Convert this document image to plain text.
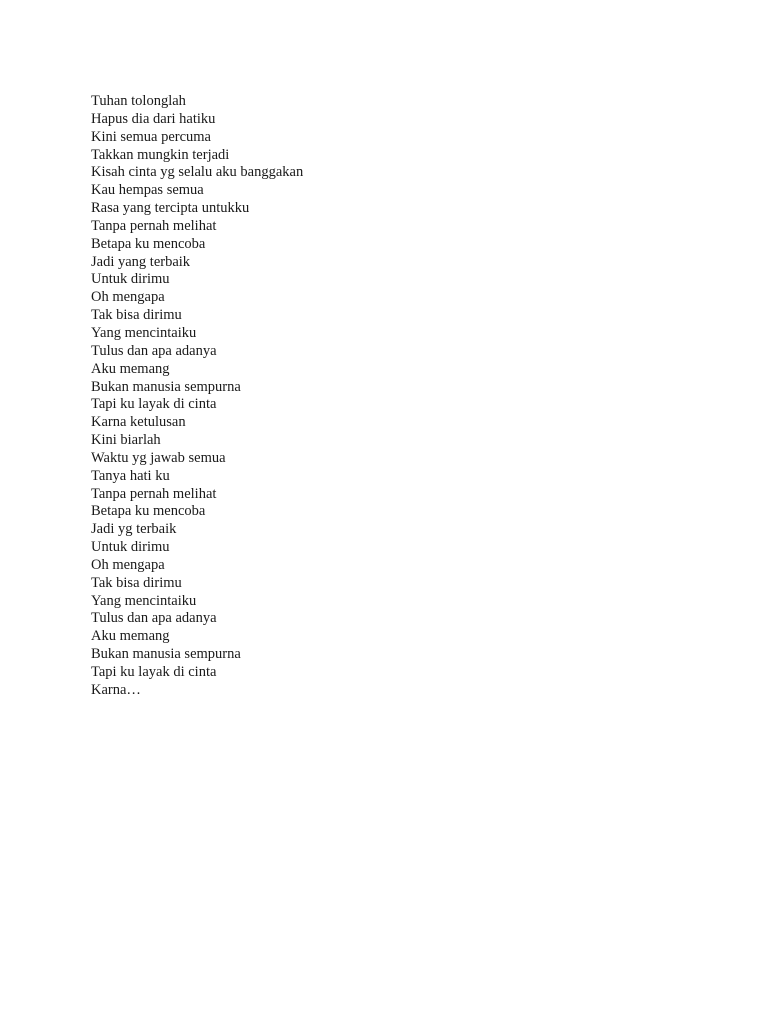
Tuhan tolonglah
Hapus dia dari hatiku
Kini semua percuma
Takkan mungkin terjadi
Kisah cinta yg selalu aku banggakan
Kau hempas semua
Rasa yang tercipta untukku
Tanpa pernah melihat
Betapa ku mencoba
Jadi yang terbaik
Untuk dirimu
Oh mengapa
Tak bisa dirimu
Yang mencintaiku
Tulus dan apa adanya
Aku memang
Bukan manusia sempurna
Tapi ku layak di cinta
Karna ketulusan
Kini biarlah
Waktu yg jawab semua
Tanya hati ku
Tanpa pernah melihat
Betapa ku mencoba
Jadi yg terbaik
Untuk dirimu
Oh mengapa
Tak bisa dirimu
Yang mencintaiku
Tulus dan apa adanya
Aku memang
Bukan manusia sempurna
Tapi ku layak di cinta
Karna…
